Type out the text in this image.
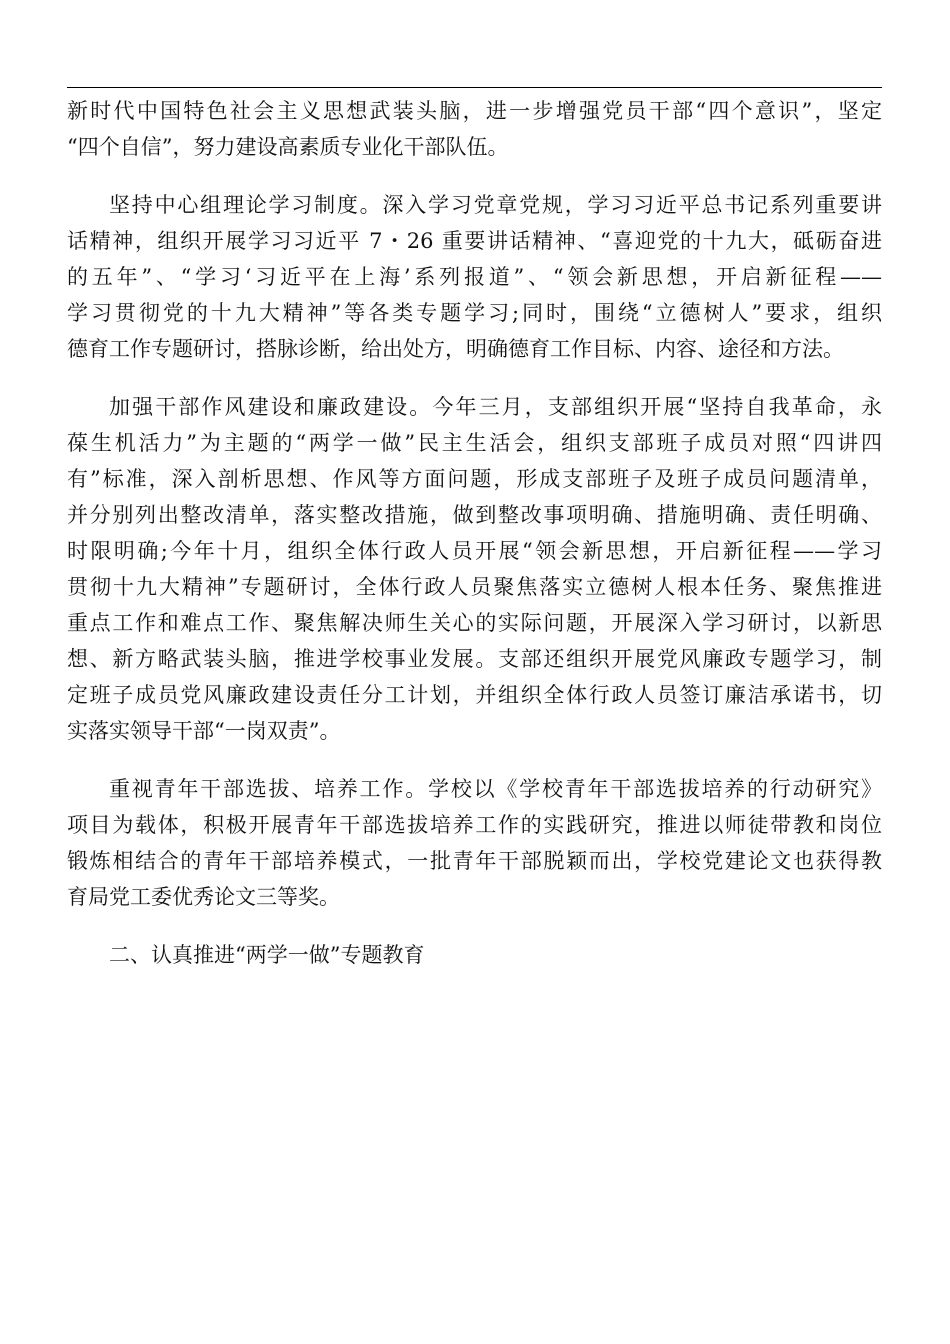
新时代中国特色社会主义思想武装头脑，进一步增强党员干部“四个意识”，坚定
“四个自信”，努力建设高素质专业化干部队伍。
坚持中心组理论学习制度。深入学习党章党规，学习习近平总书记系列重要讲
话精神，组织开展学习习近平 7・26 重要讲话精神、“喜迎党的十九大，砥砺奋进
的五年”、“学习‘习近平在上海’系列报道”、“领会新思想，开启新征程——
学习贯彻党的十九大精神”等各类专题学习;同时，围绕“立德树人”要求，组织
德育工作专题研讨，搭脉诊断，给出处方，明确德育工作目标、内容、途径和方法。
加强干部作风建设和廉政建设。今年三月，支部组织开展“坚持自我革命，永
葆生机活力”为主题的“两学一做”民主生活会，组织支部班子成员对照“四讲四
有”标准，深入剖析思想、作风等方面问题，形成支部班子及班子成员问题清单，
并分别列出整改清单，落实整改措施，做到整改事项明确、措施明确、责任明确、
时限明确;今年十月，组织全体行政人员开展“领会新思想，开启新征程——学习
贯彻十九大精神”专题研讨，全体行政人员聚焦落实立德树人根本任务、聚焦推进
重点工作和难点工作、聚焦解决师生关心的实际问题，开展深入学习研讨，以新思
想、新方略武装头脑，推进学校事业发展。支部还组织开展党风廉政专题学习，制
定班子成员党风廉政建设责任分工计划，并组织全体行政人员签订廉洁承诺书，切
实落实领导干部“一岗双责”。
重视青年干部选拔、培养工作。学校以《学校青年干部选拔培养的行动研究》
项目为载体，积极开展青年干部选拔培养工作的实践研究，推进以师徒带教和岗位
锻炼相结合的青年干部培养模式，一批青年干部脱颖而出，学校党建论文也获得教
育局党工委优秀论文三等奖。
二、认真推进“两学一做”专题教育
